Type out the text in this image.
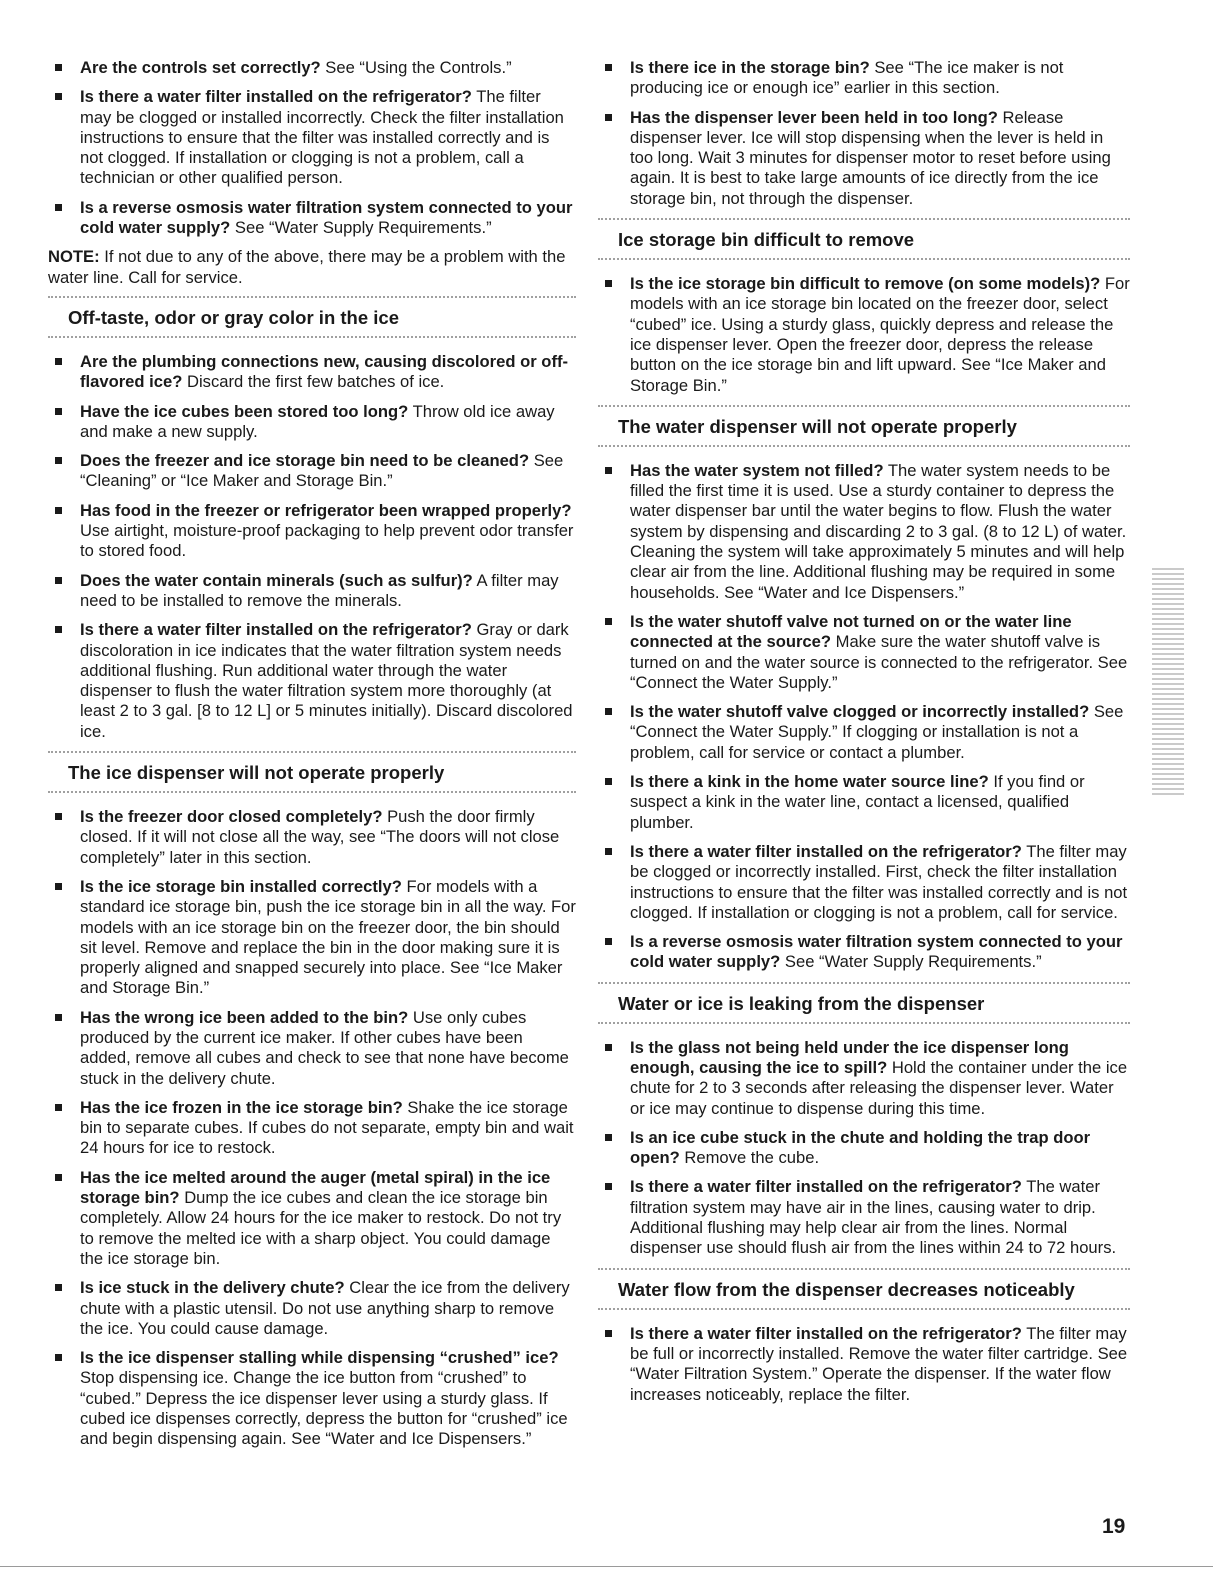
Are the controls set correctly? See “Using the Controls.”
Is there a water filter installed on the refrigerator? The filter may be clogged or installed incorrectly. Check the filter installation instructions to ensure that the filter was installed correctly and is not clogged. If installation or clogging is not a problem, call a technician or other qualified person.
Is a reverse osmosis water filtration system connected to your cold water supply? See “Water Supply Requirements.”
NOTE: If not due to any of the above, there may be a problem with the water line. Call for service.
Off-taste, odor or gray color in the ice
Are the plumbing connections new, causing discolored or off-flavored ice? Discard the first few batches of ice.
Have the ice cubes been stored too long? Throw old ice away and make a new supply.
Does the freezer and ice storage bin need to be cleaned? See “Cleaning” or “Ice Maker and Storage Bin.”
Has food in the freezer or refrigerator been wrapped properly? Use airtight, moisture-proof packaging to help prevent odor transfer to stored food.
Does the water contain minerals (such as sulfur)? A filter may need to be installed to remove the minerals.
Is there a water filter installed on the refrigerator? Gray or dark discoloration in ice indicates that the water filtration system needs additional flushing. Run additional water through the water dispenser to flush the water filtration system more thoroughly (at least 2 to 3 gal. [8 to 12 L] or 5 minutes initially). Discard discolored ice.
The ice dispenser will not operate properly
Is the freezer door closed completely? Push the door firmly closed. If it will not close all the way, see “The doors will not close completely” later in this section.
Is the ice storage bin installed correctly? For models with a standard ice storage bin, push the ice storage bin in all the way. For models with an ice storage bin on the freezer door, the bin should sit level. Remove and replace the bin in the door making sure it is properly aligned and snapped securely into place. See “Ice Maker and Storage Bin.”
Has the wrong ice been added to the bin? Use only cubes produced by the current ice maker. If other cubes have been added, remove all cubes and check to see that none have become stuck in the delivery chute.
Has the ice frozen in the ice storage bin? Shake the ice storage bin to separate cubes. If cubes do not separate, empty bin and wait 24 hours for ice to restock.
Has the ice melted around the auger (metal spiral) in the ice storage bin? Dump the ice cubes and clean the ice storage bin completely. Allow 24 hours for the ice maker to restock. Do not try to remove the melted ice with a sharp object. You could damage the ice storage bin.
Is ice stuck in the delivery chute? Clear the ice from the delivery chute with a plastic utensil. Do not use anything sharp to remove the ice. You could cause damage.
Is the ice dispenser stalling while dispensing “crushed” ice? Stop dispensing ice. Change the ice button from “crushed” to “cubed.” Depress the ice dispenser lever using a sturdy glass. If cubed ice dispenses correctly, depress the button for “crushed” ice and begin dispensing again. See “Water and Ice Dispensers.”
Is there ice in the storage bin? See “The ice maker is not producing ice or enough ice” earlier in this section.
Has the dispenser lever been held in too long? Release dispenser lever. Ice will stop dispensing when the lever is held in too long. Wait 3 minutes for dispenser motor to reset before using again. It is best to take large amounts of ice directly from the ice storage bin, not through the dispenser.
Ice storage bin difficult to remove
Is the ice storage bin difficult to remove (on some models)? For models with an ice storage bin located on the freezer door, select “cubed” ice. Using a sturdy glass, quickly depress and release the ice dispenser lever. Open the freezer door, depress the release button on the ice storage bin and lift upward. See “Ice Maker and Storage Bin.”
The water dispenser will not operate properly
Has the water system not filled? The water system needs to be filled the first time it is used. Use a sturdy container to depress the water dispenser bar until the water begins to flow. Flush the water system by dispensing and discarding 2 to 3 gal. (8 to 12 L) of water. Cleaning the system will take approximately 5 minutes and will help clear air from the line. Additional flushing may be required in some households. See “Water and Ice Dispensers.”
Is the water shutoff valve not turned on or the water line connected at the source? Make sure the water shutoff valve is turned on and the water source is connected to the refrigerator. See “Connect the Water Supply.”
Is the water shutoff valve clogged or incorrectly installed? See “Connect the Water Supply.” If clogging or installation is not a problem, call for service or contact a plumber.
Is there a kink in the home water source line? If you find or suspect a kink in the water line, contact a licensed, qualified plumber.
Is there a water filter installed on the refrigerator? The filter may be clogged or incorrectly installed. First, check the filter installation instructions to ensure that the filter was installed correctly and is not clogged. If installation or clogging is not a problem, call for service.
Is a reverse osmosis water filtration system connected to your cold water supply? See “Water Supply Requirements.”
Water or ice is leaking from the dispenser
Is the glass not being held under the ice dispenser long enough, causing the ice to spill? Hold the container under the ice chute for 2 to 3 seconds after releasing the dispenser lever. Water or ice may continue to dispense during this time.
Is an ice cube stuck in the chute and holding the trap door open? Remove the cube.
Is there a water filter installed on the refrigerator? The water filtration system may have air in the lines, causing water to drip. Additional flushing may help clear air from the lines. Normal dispenser use should flush air from the lines within 24 to 72 hours.
Water flow from the dispenser decreases noticeably
Is there a water filter installed on the refrigerator? The filter may be full or incorrectly installed. Remove the water filter cartridge. See “Water Filtration System.” Operate the dispenser. If the water flow increases noticeably, replace the filter.
19
